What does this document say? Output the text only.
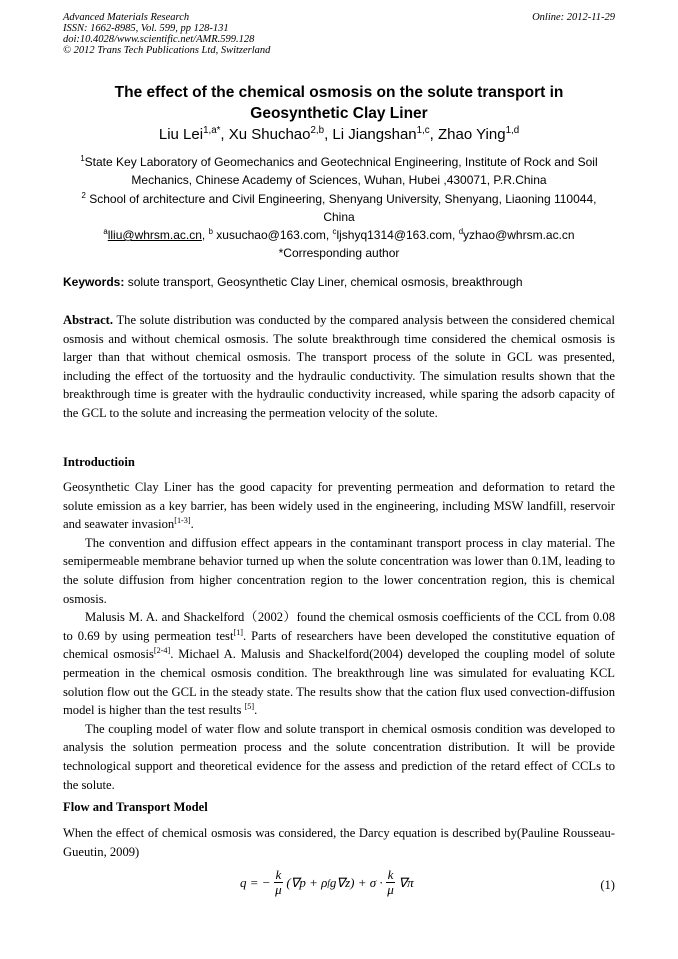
Advanced Materials Research
ISSN: 1662-8985, Vol. 599, pp 128-131
doi:10.4028/www.scientific.net/AMR.599.128
© 2012 Trans Tech Publications Ltd, Switzerland
Online: 2012-11-29
The effect of the chemical osmosis on the solute transport in
Geosynthetic Clay Liner
Liu Lei$^{1,a*}$, Xu Shuchao$^{2,b}$, Li Jiangshan$^{1,c}$, Zhao Ying$^{1,d}$
$^1$State Key Laboratory of Geomechanics and Geotechnical Engineering, Institute of Rock and Soil
Mechanics, Chinese Academy of Sciences, Wuhan, Hubei ,430071, P.R.China
$^2$ School of architecture and Civil Engineering, Shenyang University, Shenyang, Liaoning 110044,
China
$^a$lliu@whrsm.ac.cn, $^b$ xusuchao@163.com, $^c$ljshyq1314@163.com, $^d$yzhao@whrsm.ac.cn
*Corresponding author
Keywords: solute transport, Geosynthetic Clay Liner, chemical osmosis, breakthrough

Abstract. The solute distribution was conducted by the compared analysis between the considered chemical osmosis and without chemical osmosis. The solute breakthrough time considered the chemical osmosis is larger than that without chemical osmosis. The transport process of the solute in GCL was presented, including the effect of the tortuosity and the hydraulic conductivity. The simulation results shown that the breakthrough time is greater with the hydraulic conductivity increased, while sparing the adsorb capacity of the GCL to the solute and increasing the permeation velocity of the solute.

Introductioin

Geosynthetic Clay Liner has the good capacity for preventing permeation and deformation to retard the solute emission as a key barrier, has been widely used in the engineering, including MSW landfill, reservoir and seawater invasion[1-3].

The convention and diffusion effect appears in the contaminant transport process in clay material. The semipermeable membrane behavior turned up when the solute concentration was lower than 0.1M, leading to the solute diffusion from higher concentration region to the lower concentration region, this is chemical osmosis.

Malusis M. A. and Shackelford（2002）found the chemical osmosis coefficients of the CCL from 0.08 to 0.69 by using permeation test[1]. Parts of researchers have been developed the constitutive equation of chemical osmosis[2-4]. Michael A. Malusis and Shackelford(2004) developed the coupling model of solute permeation in the chemical osmosis condition. The breakthrough line was simulated for evaluating KCL solution flow out the GCL in the steady state. The results show that the cation flux used convection-diffusion model is higher than the test results [5].

The coupling model of water flow and solute transport in chemical osmosis condition was developed to analysis the solution permeation process and the solute concentration distribution. It will be provide technological support and theoretical evidence for the assess and prediction of the retard effect of CCLs to the solute.

Flow and Transport Model

When the effect of chemical osmosis was considered, the Darcy equation is described by(Pauline Rousseau-Gueutin, 2009)

q = − $\frac{k}{\mu} (\nabla p + \rho$ f $g\nabla z) + \sigma \cdot \frac{k}{\mu} \nabla\pi$	(1)
